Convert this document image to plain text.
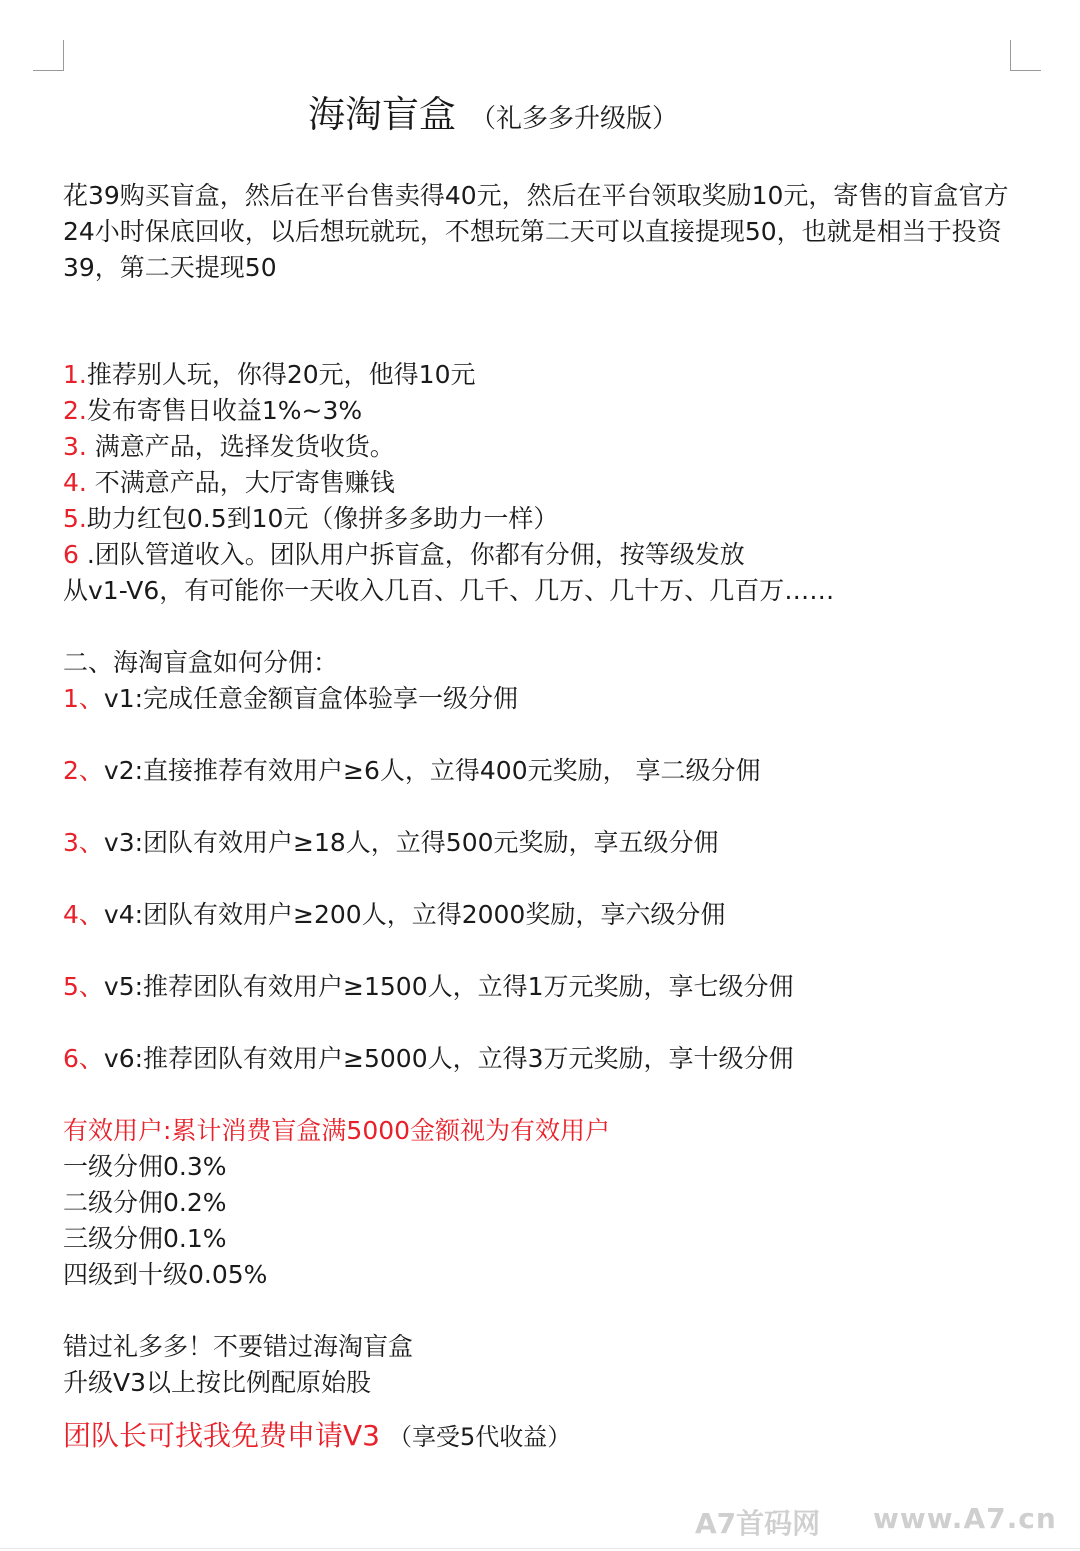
海淘盲盒 （礼多多升级版）
花39购买盲盒，然后在平台售卖得40元，然后在平台领取奖励10元，寄售的盲盒官方24小时保底回收，以后想玩就玩，不想玩第二天可以直接提现50，也就是相当于投资39，第二天提现50
1.推荐别人玩，你得20元，他得10元
2.发布寄售日收益1%~3%
3. 满意产品，选择发货收货。
4. 不满意产品，大厅寄售赚钱
5.助力红包0.5到10元（像拼多多助力一样）
6 .团队管道收入。团队用户拆盲盒，你都有分佣，按等级发放
从v1-V6，有可能你一天收入几百、几千、几万、几十万、几百万……
二、海淘盲盒如何分佣：
1、v1:完成任意金额盲盒体验享一级分佣
2、v2:直接推荐有效用户≥6人，立得400元奖励， 享二级分佣
3、v3:团队有效用户≥18人，立得500元奖励，享五级分佣
4、v4:团队有效用户≥200人，立得2000奖励，享六级分佣
5、v5:推荐团队有效用户≥1500人，立得1万元奖励，享七级分佣
6、v6:推荐团队有效用户≥5000人，立得3万元奖励，享十级分佣
有效用户:累计消费盲盒满5000金额视为有效用户
一级分佣0.3%
二级分佣0.2%
三级分佣0.1%
四级到十级0.05%
错过礼多多！不要错过海淘盲盒
升级V3以上按比例配原始股
团队长可找我免费申请V3 （享受5代收益）
A7首码网 www.A7.cn
